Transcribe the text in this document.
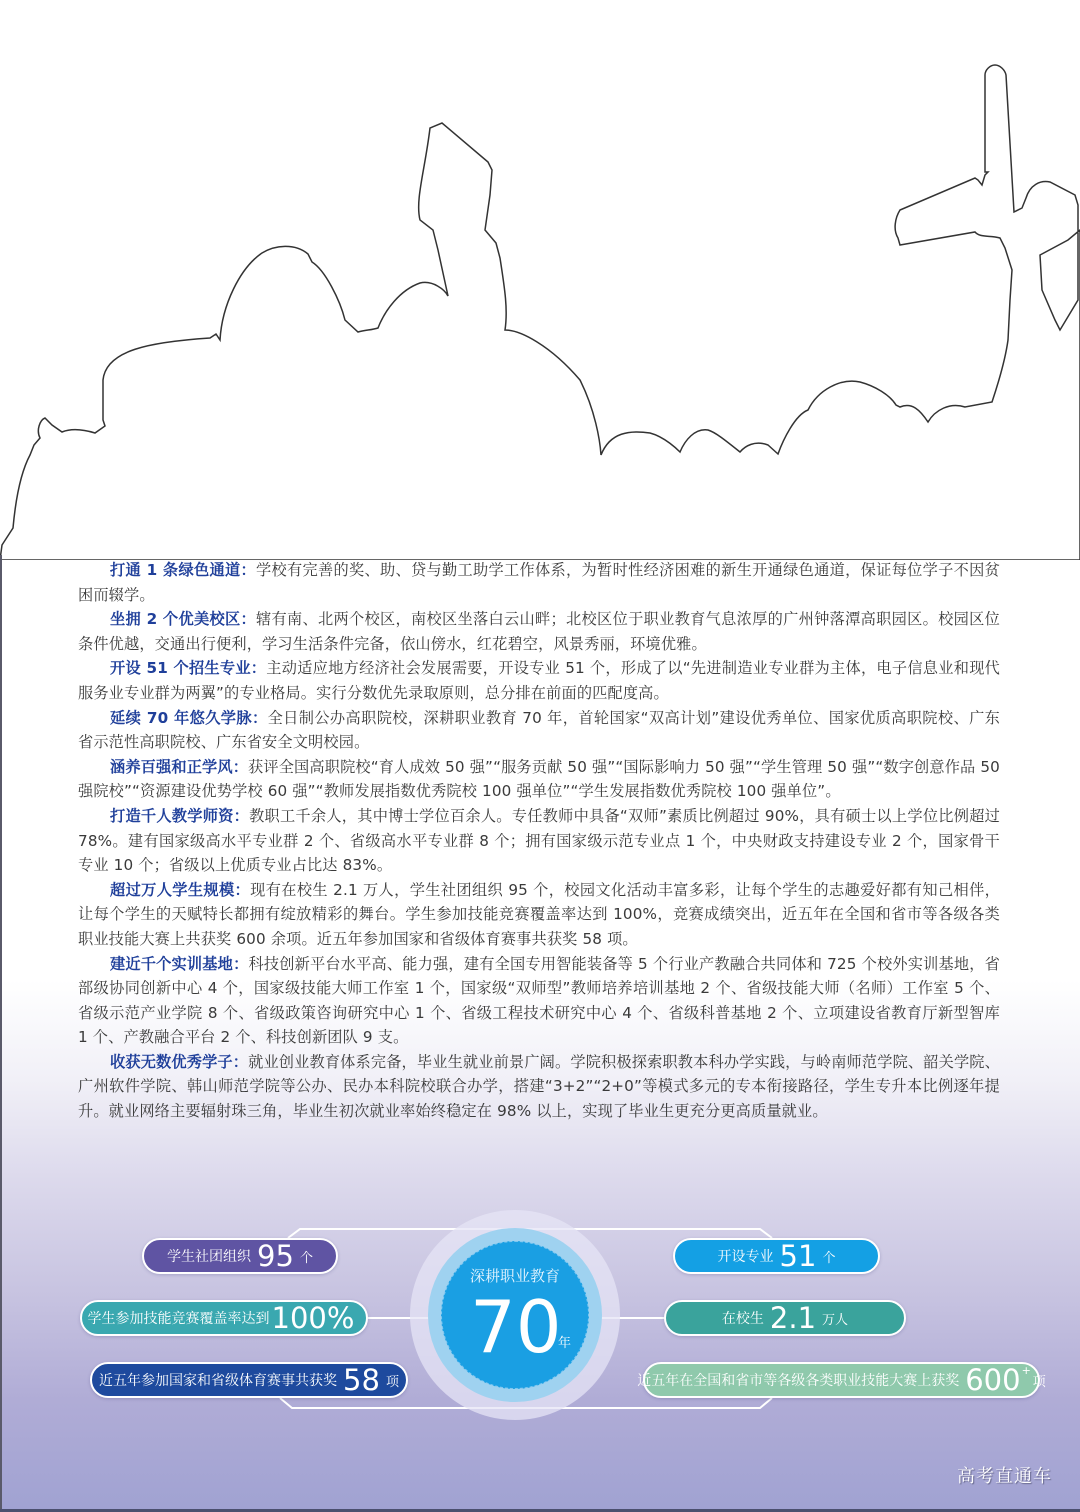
打通 1 条绿色通道：学校有完善的奖、助、贷与勤工助学工作体系，为暂时性经济困难的新生开通绿色通道，保证每位学子不因贫困而辍学。

坐拥 2 个优美校区：辖有南、北两个校区，南校区坐落白云山畔；北校区位于职业教育气息浓厚的广州钟落潭高职园区。校园区位条件优越，交通出行便利，学习生活条件完备，依山傍水，红花碧空，风景秀丽，环境优雅。

开设 51 个招生专业：主动适应地方经济社会发展需要，开设专业 51 个，形成了以“先进制造业专业群为主体，电子信息业和现代服务业专业群为两翼”的专业格局。实行分数优先录取原则，总分排在前面的匹配度高。

延续 70 年悠久学脉：全日制公办高职院校，深耕职业教育 70 年，首轮国家“双高计划”建设优秀单位、国家优质高职院校、广东省示范性高职院校、广东省安全文明校园。

涵养百强和正学风：获评全国高职院校“育人成效 50 强”“服务贡献 50 强”“国际影响力 50 强”“学生管理 50 强”“数字创意作品 50 强院校”“资源建设优势学校 60 强”“教师发展指数优秀院校 100 强单位”“学生发展指数优秀院校 100 强单位”。

打造千人教学师资：教职工千余人，其中博士学位百余人。专任教师中具备“双师”素质比例超过 90%，具有硕士以上学位比例超过 78%。建有国家级高水平专业群 2 个、省级高水平专业群 8 个；拥有国家级示范专业点 1 个，中央财政支持建设专业 2 个，国家骨干专业 10 个；省级以上优质专业占比达 83%。

超过万人学生规模：现有在校生 2.1 万人，学生社团组织 95 个，校园文化活动丰富多彩，让每个学生的志趣爱好都有知己相伴，让每个学生的天赋特长都拥有绽放精彩的舞台。学生参加技能竞赛覆盖率达到 100%，竞赛成绩突出，近五年在全国和省市等各级各类职业技能大赛上共获奖 600 余项。近五年参加国家和省级体育赛事共获奖 58 项。

建近千个实训基地：科技创新平台水平高、能力强，建有全国专用智能装备等 5 个行业产教融合共同体和 725 个校外实训基地，省部级协同创新中心 4 个，国家级技能大师工作室 1 个，国家级“双师型”教师培养培训基地 2 个、省级技能大师（名师）工作室 5 个、省级示范产业学院 8 个、省级政策咨询研究中心 1 个、省级工程技术研究中心 4 个、省级科普基地 2 个、立项建设省教育厅新型智库 1 个、产教融合平台 2 个、科技创新团队 9 支。

收获无数优秀学子：就业创业教育体系完备，毕业生就业前景广阔。学院积极探索职教本科办学实践，与岭南师范学院、韶关学院、广州软件学院、韩山师范学院等公办、民办本科院校联合办学，搭建“3+2”“2+0”等模式多元的专本衔接路径，学生专升本比例逐年提升。就业网络主要辐射珠三角，毕业生初次就业率始终稳定在 98% 以上，实现了毕业生更充分更高质量就业。

深耕职业教育
70
年
学生社团组织 95 个
学生参加技能竞赛覆盖率达到 100%
近五年参加国家和省级体育赛事共获奖 58 项
开设专业 51 个
在校生 2.1 万人
近五年在全国和省市等各级各类职业技能大赛上获奖 600 +
项
高考直通车
